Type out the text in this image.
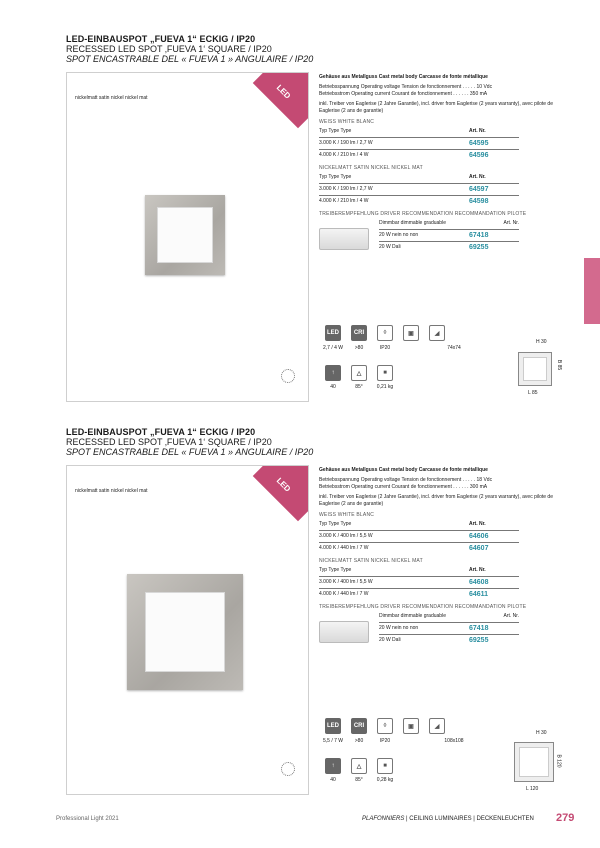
LED-EINBAUSPOT „FUEVA 1“ ECKIG / IP20
RECESSED LED SPOT ‚FUEVA 1‘ SQUARE / IP20
SPOT ENCASTRABLE DEL « FUEVA 1 » ANGULAIRE / IP20
LED
nickelmatt satin nickel nickel mat
Gehäuse aus Metallguss Cast metal body Carcasse de fonte métallique
Betriebsspannung Operating voltage Tension de fonctionnement . . . . . 10 Vdc
Betriebsstrom Operating current Courant de fonctionnement . . . . . . 350 mA
inkl. Treiber von Eaglerise (2 Jahre Garantie), incl. driver from Eaglerise (2 years warranty), avec pilote de Eaglerise (2 ans de garantie)
WEISS WHITE BLANC
Typ Type Type	Art. Nr.
3.000 K / 190 lm / 2,7 W	64595
4.000 K / 210 lm / 4 W	64596
NICKELMATT SATIN NICKEL NICKEL MAT
Typ Type Type	Art. Nr.
3.000 K / 190 lm / 2,7 W	64597
4.000 K / 210 lm / 4 W	64598
TREIBEREMPFEHLUNG DRIVER RECOMMENDATION RECOMMANDATION PILOTE
Dimmbar dimmable graduable	Art. Nr.
20 W nein no non	67418
20 W Dali	69255
LED	CRI	◊	▣	◢
2,7 / 4 W	>80	IP20	74x74
↑	△	■
40	85°	0,21 kg
H 30
B 85
L 85
LED-EINBAUSPOT „FUEVA 1“ ECKIG / IP20
RECESSED LED SPOT ‚FUEVA 1‘ SQUARE / IP20
SPOT ENCASTRABLE DEL « FUEVA 1 » ANGULAIRE / IP20
LED
nickelmatt satin nickel nickel mat
Gehäuse aus Metallguss Cast metal body Carcasse de fonte métallique
Betriebsspannung Operating voltage Tension de fonctionnement . . . . . 18 Vdc
Betriebsstrom Operating current Courant de fonctionnement . . . . . . 300 mA
inkl. Treiber von Eaglerise (2 Jahre Garantie), incl. driver from Eaglerise (2 years warranty), avec pilote de Eaglerise (2 ans de garantie)
WEISS WHITE BLANC
Typ Type Type	Art. Nr.
3.000 K / 400 lm / 5,5 W	64606
4.000 K / 440 lm / 7 W	64607
NICKELMATT SATIN NICKEL NICKEL MAT
Typ Type Type	Art. Nr.
3.000 K / 400 lm / 5,5 W	64608
4.000 K / 440 lm / 7 W	64611
TREIBEREMPFEHLUNG DRIVER RECOMMENDATION RECOMMANDATION PILOTE
Dimmbar dimmable graduable	Art. Nr.
20 W nein no non	67418
20 W Dali	69255
LED	CRI	◊	▣	◢
5,5 / 7 W	>80	IP20	108x108
↑	△	■
40	85°	0,28 kg
H 30
B 120
L 120
Professional Light 2021	PLAFONNIERS | CEILING LUMINAIRES | DECKENLEUCHTEN 279
